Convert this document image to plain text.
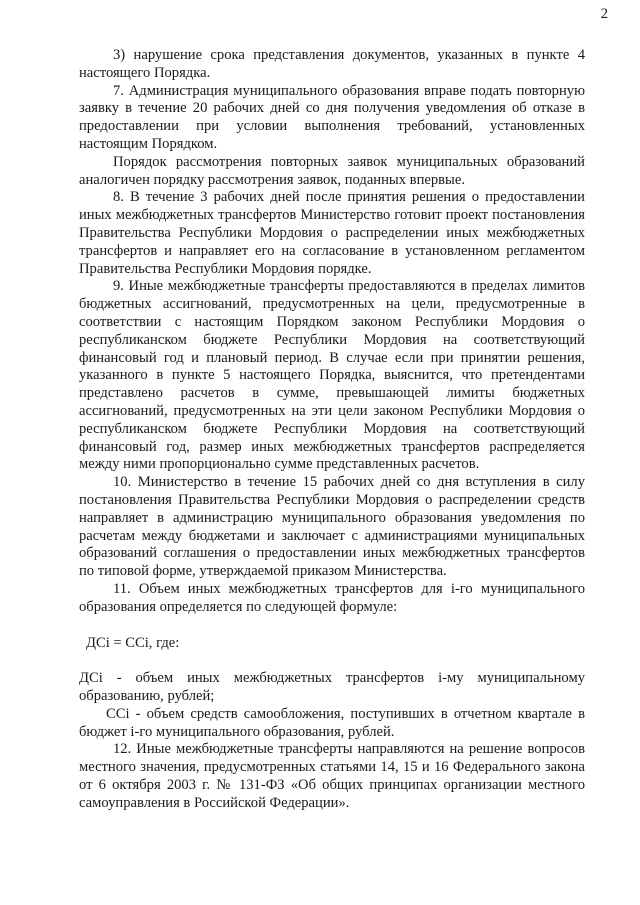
2

3) нарушение срока представления документов, указанных в пункте 4 настоящего Порядка.

7. Администрация муниципального образования вправе подать повторную заявку в течение 20 рабочих дней со дня получения уведомления об отказе в предоставлении при условии выполнения требований, установленных настоящим Порядком.

Порядок рассмотрения повторных заявок муниципальных образований аналогичен порядку рассмотрения заявок, поданных впервые.

8. В течение 3 рабочих дней после принятия решения о предоставлении иных межбюджетных трансфертов Министерство готовит проект постановления Правительства Республики Мордовия о распределении иных межбюджетных трансфертов и направляет его на согласование в установленном регламентом Правительства Республики Мордовия порядке.

9. Иные межбюджетные трансферты предоставляются в пределах лимитов бюджетных ассигнований, предусмотренных на цели, предусмотренные в соответствии с настоящим Порядком законом Республики Мордовия о республиканском бюджете Республики Мордовия на соответствующий финансовый год и плановый период. В случае если при принятии решения, указанного в пункте 5 настоящего Порядка, выяснится, что претендентами представлено расчетов в сумме, превышающей лимиты бюджетных ассигнований, предусмотренных на эти цели законом Республики Мордовия о республиканском бюджете Республики Мордовия на соответствующий финансовый год, размер иных межбюджетных трансфертов распределяется между ними пропорционально сумме представленных расчетов.

10. Министерство в течение 15 рабочих дней со дня вступления в силу постановления Правительства Республики Мордовия о распределении средств направляет в администрацию муниципального образования уведомления по расчетам между бюджетами и заключает с администрациями муниципальных образований соглашения о предоставлении иных межбюджетных трансфертов по типовой форме, утверждаемой приказом Министерства.

11. Объем иных межбюджетных трансфертов для i-го муниципального образования определяется по следующей формуле:

ДСi = ССi, где:

ДСi - объем иных межбюджетных трансфертов i-му муниципальному образованию, рублей;

ССi - объем средств самообложения, поступивших в отчетном квартале в бюджет i-го муниципального образования, рублей.

12. Иные межбюджетные трансферты направляются на решение вопросов местного значения, предусмотренных статьями 14, 15 и 16 Федерального закона от 6 октября 2003 г. № 131-ФЗ «Об общих принципах организации местного самоуправления в Российской Федерации».
